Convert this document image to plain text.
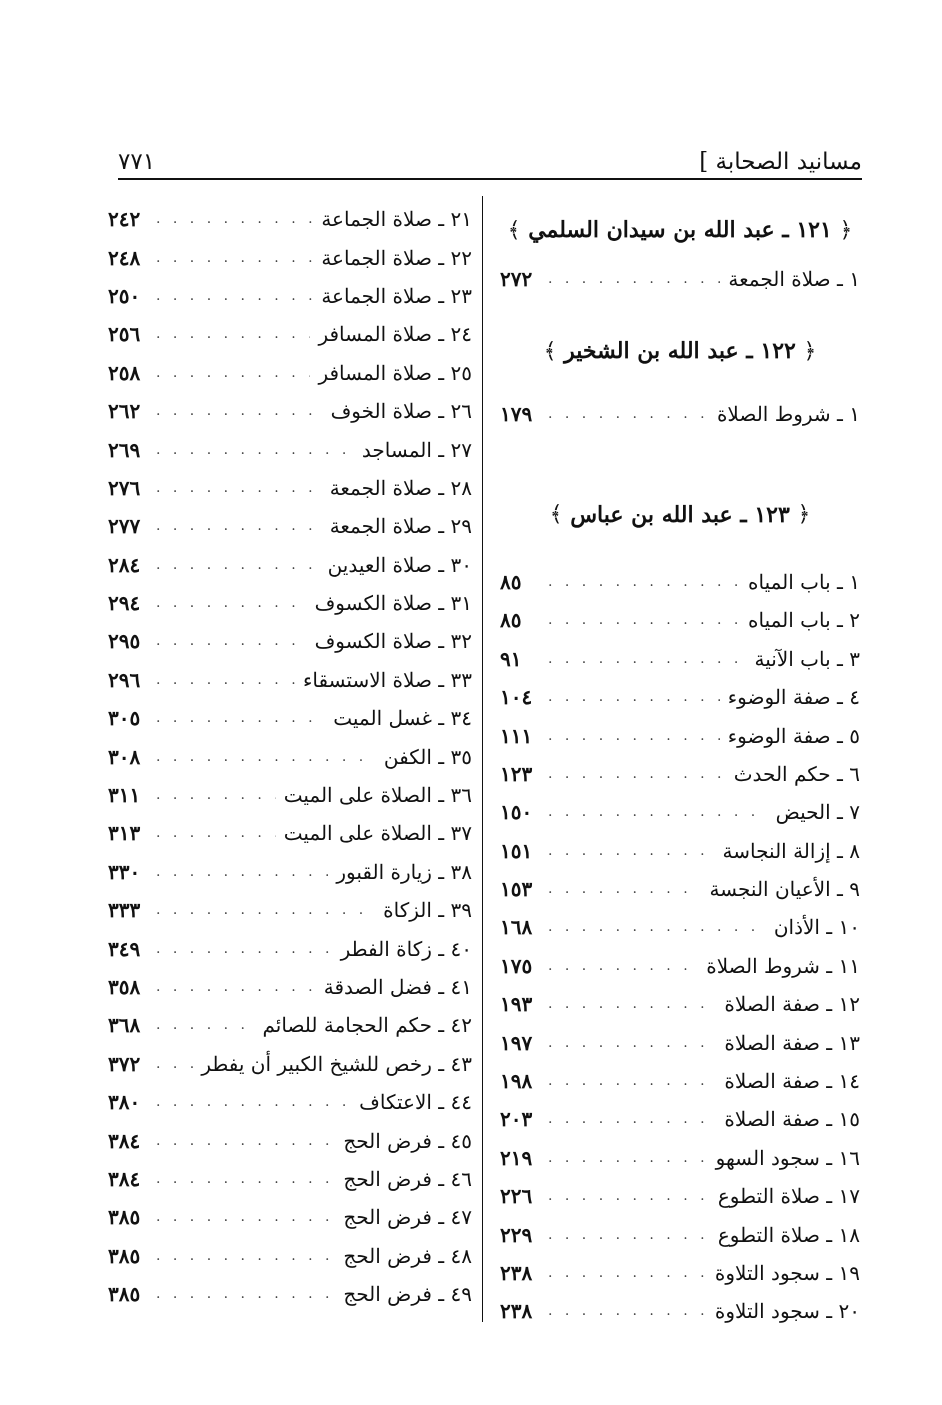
مسانيد الصحابة ]
٧٧١
﴿

١٢١ ـ عبد الله بن سيدان السلمي

﴾
١ ـ صلاة الجمعة
. . .
٢٧٢
﴿

١٢٢ ـ عبد الله بن الشخير

﴾
١ ـ شروط الصلاة
. . .
١٧٩
﴿

١٢٣ ـ عبد الله بن عباس

﴾
١ ـ باب المياه
. . .
٨٥
٢ ـ باب المياه
. . .
٨٥
٣ ـ باب الآنية
. . .
٩١
٤ ـ صفة الوضوء
. . .
١٠٤
٥ ـ صفة الوضوء
. . .
١١١
٦ ـ حكم الحدث
. . .
١٢٣
٧ ـ الحيض
. . .
١٥٠
٨ ـ إزالة النجاسة
. . .
١٥١
٩ ـ الأعيان النجسة
. . .
١٥٣
١٠ ـ الأذان
. . .
١٦٨
١١ ـ شروط الصلاة
. . .
١٧٥
١٢ ـ صفة الصلاة
. . .
١٩٣
١٣ ـ صفة الصلاة
. . .
١٩٧
١٤ ـ صفة الصلاة
. . .
١٩٨
١٥ ـ صفة الصلاة
. . .
٢٠٣
١٦ ـ سجود السهو
. . .
٢١٩
١٧ ـ صلاة التطوع
. . .
٢٢٦
١٨ ـ صلاة التطوع
. . .
٢٢٩
١٩ ـ سجود التلاوة
. . .
٢٣٨
٢٠ ـ سجود التلاوة
. . .
٢٣٨
٢١ ـ صلاة الجماعة
. . .
٢٤٢
٢٢ ـ صلاة الجماعة
. . .
٢٤٨
٢٣ ـ صلاة الجماعة
. . .
٢٥٠
٢٤ ـ صلاة المسافر
. . .
٢٥٦
٢٥ ـ صلاة المسافر
. . .
٢٥٨
٢٦ ـ صلاة الخوف
. . .
٢٦٢
٢٧ ـ المساجد
. . .
٢٦٩
٢٨ ـ صلاة الجمعة
. . .
٢٧٦
٢٩ ـ صلاة الجمعة
. . .
٢٧٧
٣٠ ـ صلاة العيدين
. . .
٢٨٤
٣١ ـ صلاة الكسوف
. . .
٢٩٤
٣٢ ـ صلاة الكسوف
. . .
٢٩٥
٣٣ ـ صلاة الاستسقاء
. . .
٢٩٦
٣٤ ـ غسل الميت
. . .
٣٠٥
٣٥ ـ الكفن
. . .
٣٠٨
٣٦ ـ الصلاة على الميت
. . .
٣١١
٣٧ ـ الصلاة على الميت
. . .
٣١٣
٣٨ ـ زيارة القبور
. . .
٣٣٠
٣٩ ـ الزكاة
. . .
٣٣٣
٤٠ ـ زكاة الفطر
. . .
٣٤٩
٤١ ـ فضل الصدقة
. . .
٣٥٨
٤٢ ـ حكم الحجامة للصائم
. . .
٣٦٨
٤٣ ـ رخص للشيخ الكبير أن يفطر
. . .
٣٧٢
٤٤ ـ الاعتكاف
. . .
٣٨٠
٤٥ ـ فرض الحج
. . .
٣٨٤
٤٦ ـ فرض الحج
. . .
٣٨٤
٤٧ ـ فرض الحج
. . .
٣٨٥
٤٨ ـ فرض الحج
. . .
٣٨٥
٤٩ ـ فرض الحج
. . .
٣٨٥
